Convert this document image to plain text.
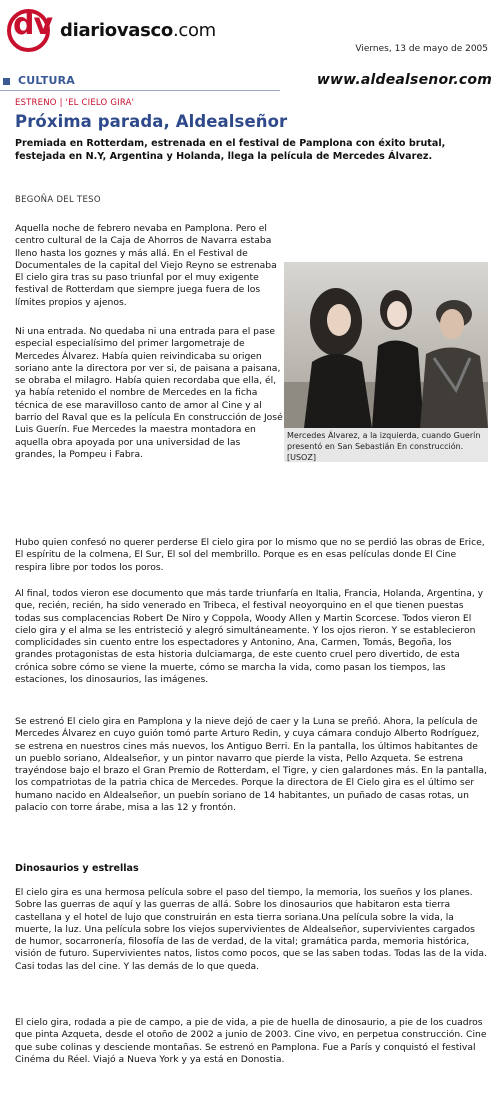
dv diariovasco.com
Viernes, 13 de mayo de 2005
CULTURA	www.aldealsenor.com
ESTRENO | 'EL CIELO GIRA'
Próxima parada, Aldealseñor

Premiada en Rotterdam, estrenada en el festival de Pamplona con éxito brutal, festejada en N.Y, Argentina y Holanda, llega la película de Mercedes Álvarez.

BEGOÑA DEL TESO
Mercedes Álvarez, a la izquierda, cuando Guerín presentó en San Sebastián En construcción. [USOZ]

Aquella noche de febrero nevaba en Pamplona. Pero el centro cultural de la Caja de Ahorros de Navarra estaba lleno hasta los goznes y más allá. En el Festival de Documentales de la capital del Viejo Reyno se estrenaba El cielo gira tras su paso triunfal por el muy exigente festival de Rotterdam que siempre juega fuera de los límites propios y ajenos.

Ni una entrada. No quedaba ni una entrada para el pase especial especialísimo del primer largometraje de Mercedes Álvarez. Había quien reivindicaba su origen soriano ante la directora por ver si, de paisana a paisana, se obraba el milagro. Había quien recordaba que ella, él, ya había retenido el nombre de Mercedes en la ficha técnica de ese maravilloso canto de amor al Cine y al barrio del Raval que es la película En construcción de José Luis Guerín. Fue Mercedes la maestra montadora en aquella obra apoyada por una universidad de las grandes, la Pompeu i Fabra.

Hubo quien confesó no querer perderse El cielo gira por lo mismo que no se perdió las obras de Erice, El espíritu de la colmena, El Sur, El sol del membrillo. Porque es en esas películas donde El Cine respira libre por todos los poros.

Al final, todos vieron ese documento que más tarde triunfaría en Italia, Francia, Holanda, Argentina, y que, recién, recién, ha sido venerado en Tribeca, el festival neoyorquino en el que tienen puestas todas sus complacencias Robert De Niro y Coppola, Woody Allen y Martin Scorcese. Todos vieron El cielo gira y el alma se les entristeció y alegró simultáneamente. Y los ojos rieron. Y se establecieron complicidades sin cuento entre los espectadores y Antonino, Ana, Carmen, Tomás, Begoña, los grandes protagonistas de esta historia dulciamarga, de este cuento cruel pero divertido, de esta crónica sobre cómo se viene la muerte, cómo se marcha la vida, como pasan los tiempos, las estaciones, los dinosaurios, las imágenes.

Se estrenó El cielo gira en Pamplona y la nieve dejó de caer y la Luna se preñó. Ahora, la película de Mercedes Álvarez en cuyo guión tomó parte Arturo Redin, y cuya cámara condujo Alberto Rodríguez, se estrena en nuestros cines más nuevos, los Antiguo Berri. En la pantalla, los últimos habitantes de un pueblo soriano, Aldealseñor, y un pintor navarro que pierde la vista, Pello Azqueta. Se estrena trayéndose bajo el brazo el Gran Premio de Rotterdam, el Tigre, y cien galardones más. En la pantalla, los compatriotas de la patria chica de Mercedes. Porque la directora de El Cielo gira es el último ser humano nacido en Aldealseñor, un puebín soriano de 14 habitantes, un puñado de casas rotas, un palacio con torre árabe, misa a las 12 y frontón.

Dinosaurios y estrellas

El cielo gira es una hermosa película sobre el paso del tiempo, la memoria, los sueños y los planes. Sobre las guerras de aquí y las guerras de allá. Sobre los dinosaurios que habitaron esta tierra castellana y el hotel de lujo que construirán en esta tierra soriana.Una película sobre la vida, la muerte, la luz. Una película sobre los viejos supervivientes de Aldealseñor, supervivientes cargados de humor, socarronería, filosofía de las de verdad, de la vital; gramática parda, memoria histórica, visión de futuro. Supervivientes natos, listos como pocos, que se las saben todas. Todas las de la vida. Casi todas las del cine. Y las demás de lo que queda.

El cielo gira, rodada a pie de campo, a pie de vida, a pie de huella de dinosaurio, a pie de los cuadros que pinta Azqueta, desde el otoño de 2002 a junio de 2003. Cine vivo, en perpetua construcción. Cine que sube colinas y desciende montañas. Se estrenó en Pamplona. Fue a París y conquistó el festival Cinéma du Réel. Viajó a Nueva York y ya está en Donostia.
